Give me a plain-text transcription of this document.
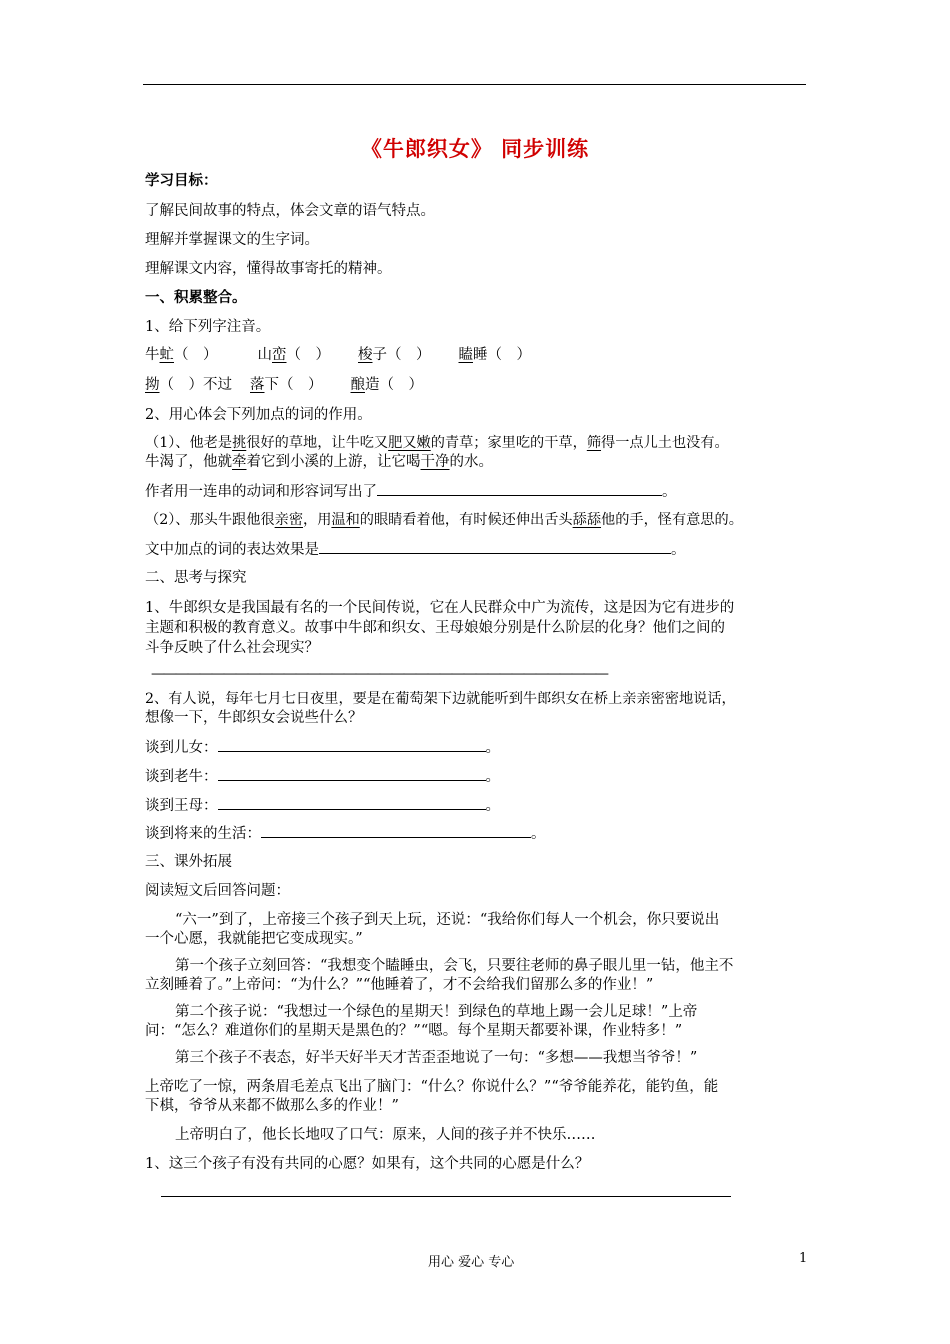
《牛郎织女》 同步训练
学习目标：
了解民间故事的特点，体会文章的语气特点。
理解并掌握课文的生字词。
理解课文内容，懂得故事寄托的精神。
一、积累整合。
1、给下列字注音。
牛虻（　）	山峦（　） 梭子（　） 瞌睡（　）
拗（　）不过 落下（　） 酿造（　）
2、用心体会下列加点的词的作用。
（1）、他老是挑很好的草地，让牛吃又肥又嫩的青草；家里吃的干草，筛得一点儿土也没有。
牛渴了，他就牵着它到小溪的上游，让它喝干净的水。
作者用一连串的动词和形容词写出了	。
（2）、那头牛跟他很亲密，用温和的眼睛看着他，有时候还伸出舌头舔舔他的手，怪有意思的。
文中加点的词的表达效果是	。
二、思考与探究
1、牛郎织女是我国最有名的一个民间传说，它在人民群众中广为流传，这是因为它有进步的
主题和积极的教育意义。故事中牛郎和织女、王母娘娘分别是什么阶层的化身？他们之间的
斗争反映了什么社会现实？
——————————————————————————————————————
2、有人说，每年七月七日夜里，要是在葡萄架下边就能听到牛郎织女在桥上亲亲密密地说话，
想像一下，牛郎织女会说些什么？
谈到儿女：	。
谈到老牛：	。
谈到王母：	。
谈到将来的生活：	。
三、课外拓展
阅读短文后回答问题：
“六一”到了，上帝接三个孩子到天上玩，还说：“我给你们每人一个机会，你只要说出
一个心愿，我就能把它变成现实。”
第一个孩子立刻回答：“我想变个瞌睡虫，会飞，只要往老师的鼻子眼儿里一钻，他主不
立刻睡着了。”上帝问：“为什么？”“他睡着了，才不会给我们留那么多的作业！”
第二个孩子说：“我想过一个绿色的星期天！到绿色的草地上踢一会儿足球！”上帝
问：“怎么？难道你们的星期天是黑色的？”“嗯。每个星期天都要补课，作业特多！”
第三个孩子不表态，好半天好半天才苦歪歪地说了一句：“多想——我想当爷爷！”
上帝吃了一惊，两条眉毛差点飞出了脑门：“什么？你说什么？”“爷爷能养花，能钓鱼，能
下棋，爷爷从来都不做那么多的作业！”
上帝明白了，他长长地叹了口气：原来，人间的孩子并不快乐……
1、这三个孩子有没有共同的心愿？如果有，这个共同的心愿是什么？
用心 爱心 专心	1
